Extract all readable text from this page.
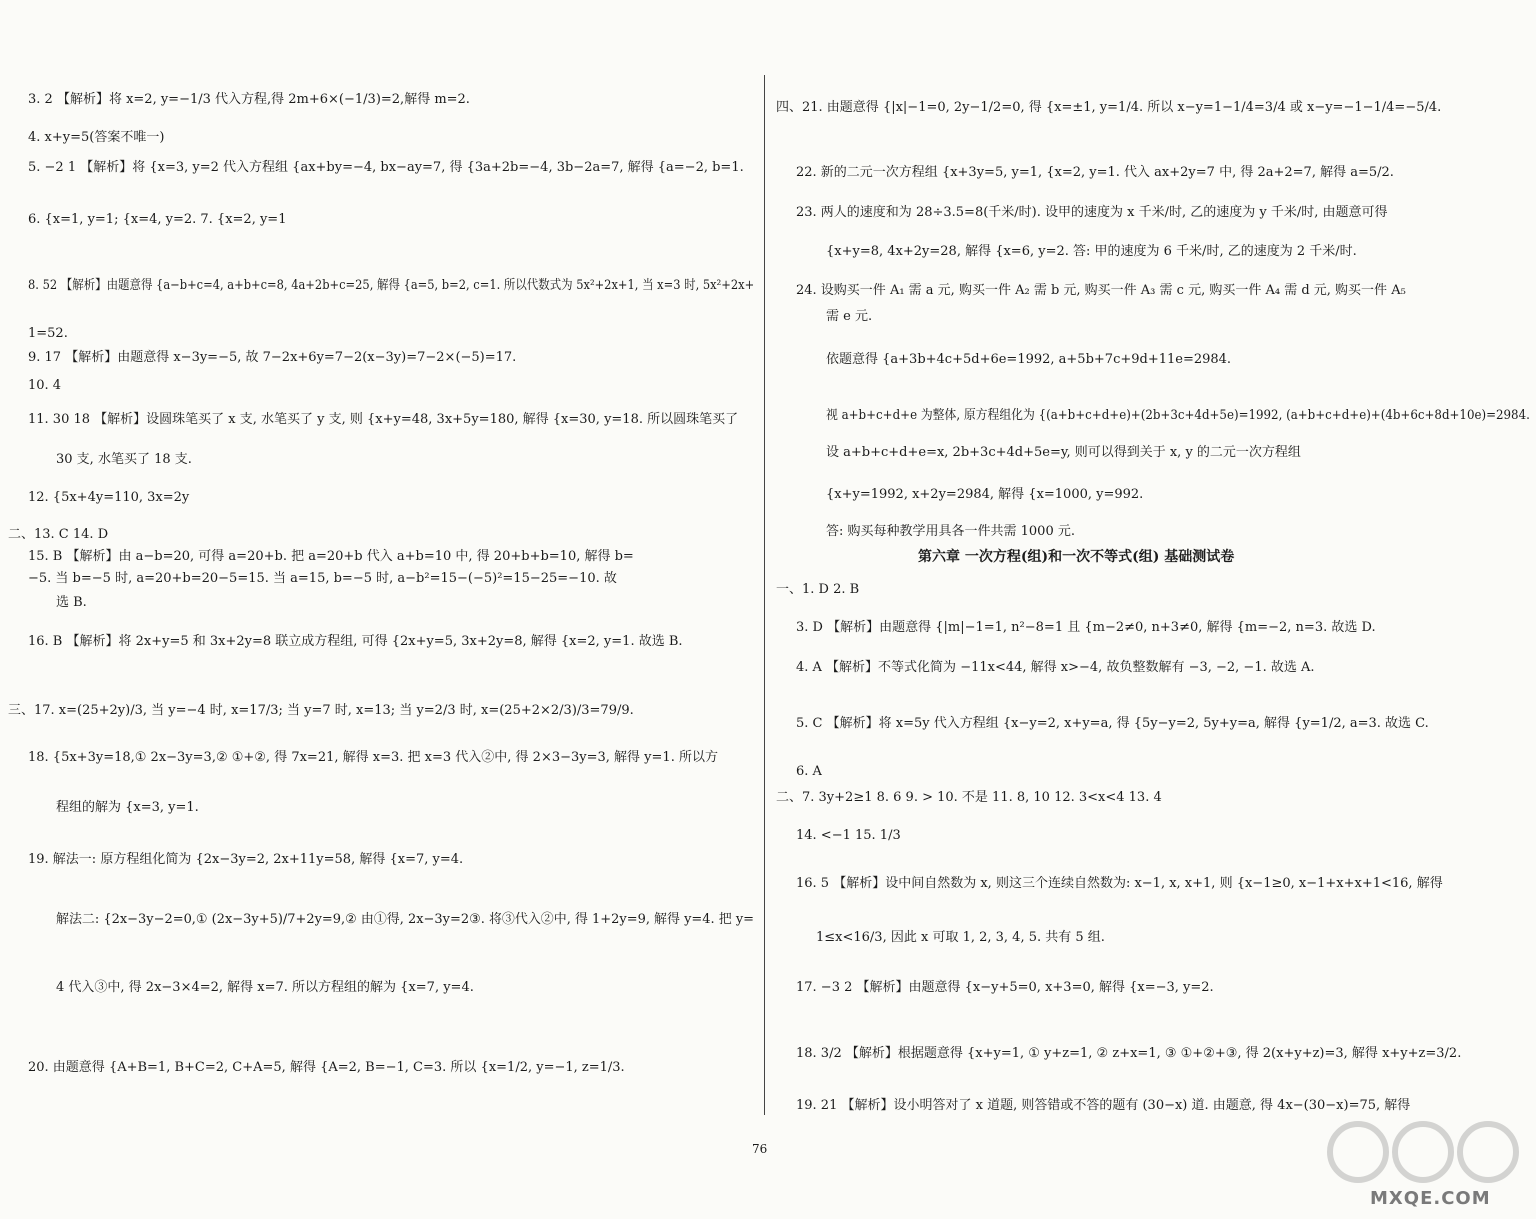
3. 2 【解析】将 x=2, y=−1/3 代入方程,得 2m+6×(−1/3)=2,解得 m=2.
4. x+y=5(答案不唯一)
5. −2 1 【解析】将 {x=3, y=2 代入方程组 {ax+by=−4, bx−ay=7, 得 {3a+2b=−4, 3b−2a=7, 解得 {a=−2, b=1.
6. {x=1, y=1; {x=4, y=2. 7. {x=2, y=1
8. 52 【解析】由题意得 {a−b+c=4, a+b+c=8, 4a+2b+c=25, 解得 {a=5, b=2, c=1. 所以代数式为 5x²+2x+1, 当 x=3 时, 5x²+2x+
1=52.
9. 17 【解析】由题意得 x−3y=−5, 故 7−2x+6y=7−2(x−3y)=7−2×(−5)=17.
10. 4
11. 30 18 【解析】设圆珠笔买了 x 支, 水笔买了 y 支, 则 {x+y=48, 3x+5y=180, 解得 {x=30, y=18. 所以圆珠笔买了
30 支, 水笔买了 18 支.
12. {5x+4y=110, 3x=2y
二、13. C 14. D
15. B 【解析】由 a−b=20, 可得 a=20+b. 把 a=20+b 代入 a+b=10 中, 得 20+b+b=10, 解得 b=
−5. 当 b=−5 时, a=20+b=20−5=15. 当 a=15, b=−5 时, a−b²=15−(−5)²=15−25=−10. 故
选 B.
16. B 【解析】将 2x+y=5 和 3x+2y=8 联立成方程组, 可得 {2x+y=5, 3x+2y=8, 解得 {x=2, y=1. 故选 B.
三、17. x=(25+2y)/3, 当 y=−4 时, x=17/3; 当 y=7 时, x=13; 当 y=2/3 时, x=(25+2×2/3)/3=79/9.
18. {5x+3y=18,① 2x−3y=3,② ①+②, 得 7x=21, 解得 x=3. 把 x=3 代入②中, 得 2×3−3y=3, 解得 y=1. 所以方
程组的解为 {x=3, y=1.
19. 解法一: 原方程组化简为 {2x−3y=2, 2x+11y=58, 解得 {x=7, y=4.
解法二: {2x−3y−2=0,① (2x−3y+5)/7+2y=9,② 由①得, 2x−3y=2③. 将③代入②中, 得 1+2y=9, 解得 y=4. 把 y=
4 代入③中, 得 2x−3×4=2, 解得 x=7. 所以方程组的解为 {x=7, y=4.
20. 由题意得 {A+B=1, B+C=2, C+A=5, 解得 {A=2, B=−1, C=3. 所以 {x=1/2, y=−1, z=1/3.
四、21. 由题意得 {|x|−1=0, 2y−1/2=0, 得 {x=±1, y=1/4. 所以 x−y=1−1/4=3/4 或 x−y=−1−1/4=−5/4.
22. 新的二元一次方程组 {x+3y=5, y=1, {x=2, y=1. 代入 ax+2y=7 中, 得 2a+2=7, 解得 a=5/2.
23. 两人的速度和为 28÷3.5=8(千米/时). 设甲的速度为 x 千米/时, 乙的速度为 y 千米/时, 由题意可得
{x+y=8, 4x+2y=28, 解得 {x=6, y=2. 答: 甲的速度为 6 千米/时, 乙的速度为 2 千米/时.
24. 设购买一件 A₁ 需 a 元, 购买一件 A₂ 需 b 元, 购买一件 A₃ 需 c 元, 购买一件 A₄ 需 d 元, 购买一件 A₅
需 e 元.
依题意得 {a+3b+4c+5d+6e=1992, a+5b+7c+9d+11e=2984.
视 a+b+c+d+e 为整体, 原方程组化为 {(a+b+c+d+e)+(2b+3c+4d+5e)=1992, (a+b+c+d+e)+(4b+6c+8d+10e)=2984.
设 a+b+c+d+e=x, 2b+3c+4d+5e=y, 则可以得到关于 x, y 的二元一次方程组
{x+y=1992, x+2y=2984, 解得 {x=1000, y=992.
答: 购买每种教学用具各一件共需 1000 元.
一、1. D 2. B
3. D 【解析】由题意得 {|m|−1=1, n²−8=1 且 {m−2≠0, n+3≠0, 解得 {m=−2, n=3. 故选 D.
4. A 【解析】不等式化简为 −11x<44, 解得 x>−4, 故负整数解有 −3, −2, −1. 故选 A.
5. C 【解析】将 x=5y 代入方程组 {x−y=2, x+y=a, 得 {5y−y=2, 5y+y=a, 解得 {y=1/2, a=3. 故选 C.
6. A
二、7. 3y+2≥1 8. 6 9. > 10. 不是 11. 8, 10 12. 3<x<4 13. 4
14. <−1 15. 1/3
16. 5 【解析】设中间自然数为 x, 则这三个连续自然数为: x−1, x, x+1, 则 {x−1≥0, x−1+x+x+1<16, 解得
1≤x<16/3, 因此 x 可取 1, 2, 3, 4, 5. 共有 5 组.
17. −3 2 【解析】由题意得 {x−y+5=0, x+3=0, 解得 {x=−3, y=2.
18. 3/2 【解析】根据题意得 {x+y=1, ① y+z=1, ② z+x=1, ③ ①+②+③, 得 2(x+y+z)=3, 解得 x+y+z=3/2.
19. 21 【解析】设小明答对了 x 道题, 则答错或不答的题有 (30−x) 道. 由题意, 得 4x−(30−x)=75, 解得
第六章 一次方程(组)和一次不等式(组) 基础测试卷
76
MXQE.COM
